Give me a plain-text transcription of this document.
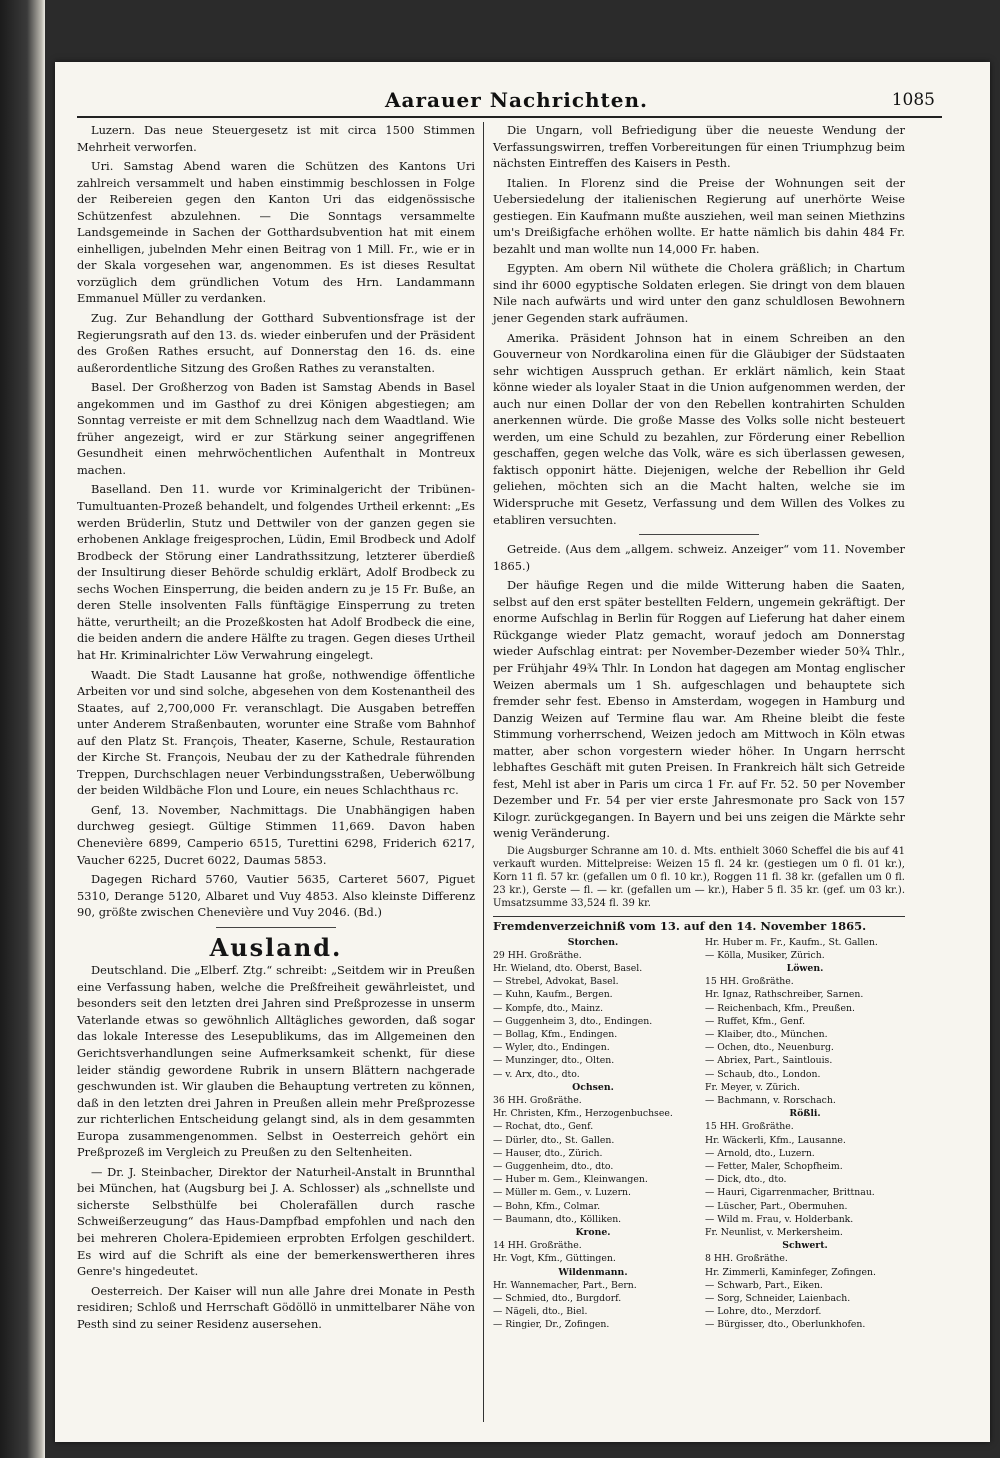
Aarauer Nachrichten.	1085

Luzern. Das neue Steuergesetz ist mit circa 1500 Stimmen Mehrheit verworfen.

Uri. Samstag Abend waren die Schützen des Kantons Uri zahlreich versammelt und haben einstimmig beschlossen in Folge der Reibereien gegen den Kanton Uri das eidgenössische Schützenfest abzulehnen. — Die Sonntags versammelte Landsgemeinde in Sachen der Gotthardsubvention hat mit einem einhelligen, jubelnden Mehr einen Beitrag von 1 Mill. Fr., wie er in der Skala vorgesehen war, angenommen. Es ist dieses Resultat vorzüglich dem gründlichen Votum des Hrn. Landammann Emmanuel Müller zu verdanken.

Zug. Zur Behandlung der Gotthard Subventionsfrage ist der Regierungsrath auf den 13. ds. wieder einberufen und der Präsident des Großen Rathes ersucht, auf Donnerstag den 16. ds. eine außerordentliche Sitzung des Großen Rathes zu veranstalten.

Basel. Der Großherzog von Baden ist Samstag Abends in Basel angekommen und im Gasthof zu drei Königen abgestiegen; am Sonntag verreiste er mit dem Schnellzug nach dem Waadtland. Wie früher angezeigt, wird er zur Stärkung seiner angegriffenen Gesundheit einen mehrwöchentlichen Aufenthalt in Montreux machen.

Baselland. Den 11. wurde vor Kriminalgericht der Tribünen-Tumultuanten-Prozeß behandelt, und folgendes Urtheil erkennt: „Es werden Brüderlin, Stutz und Dettwiler von der ganzen gegen sie erhobenen Anklage freigesprochen, Lüdin, Emil Brodbeck und Adolf Brodbeck der Störung einer Landrathssitzung, letzterer überdieß der Insultirung dieser Behörde schuldig erklärt, Adolf Brodbeck zu sechs Wochen Einsperrung, die beiden andern zu je 15 Fr. Buße, an deren Stelle insolventen Falls fünftägige Einsperrung zu treten hätte, verurtheilt; an die Prozeßkosten hat Adolf Brodbeck die eine, die beiden andern die andere Hälfte zu tragen. Gegen dieses Urtheil hat Hr. Kriminalrichter Löw Verwahrung eingelegt.

Waadt. Die Stadt Lausanne hat große, nothwendige öffentliche Arbeiten vor und sind solche, abgesehen von dem Kostenantheil des Staates, auf 2,700,000 Fr. veranschlagt. Die Ausgaben betreffen unter Anderem Straßenbauten, worunter eine Straße vom Bahnhof auf den Platz St. François, Theater, Kaserne, Schule, Restauration der Kirche St. François, Neubau der zu der Kathedrale führenden Treppen, Durchschlagen neuer Verbindungsstraßen, Ueberwölbung der beiden Wildbäche Flon und Loure, ein neues Schlachthaus rc.

Genf, 13. November, Nachmittags. Die Unabhängigen haben durchweg gesiegt. Gültige Stimmen 11,669. Davon haben Chenevière 6899, Camperio 6515, Turettini 6298, Friderich 6217, Vaucher 6225, Ducret 6022, Daumas 5853.

Dagegen Richard 5760, Vautier 5635, Carteret 5607, Piguet 5310, Derange 5120, Albaret und Vuy 4853. Also kleinste Differenz 90, größte zwischen Chenevière und Vuy 2046. (Bd.)

Ausland.

Deutschland. Die „Elberf. Ztg.“ schreibt: „Seitdem wir in Preußen eine Verfassung haben, welche die Preßfreiheit gewährleistet, und besonders seit den letzten drei Jahren sind Preßprozesse in unserm Vaterlande etwas so gewöhnlich Alltägliches geworden, daß sogar das lokale Interesse des Lesepublikums, das im Allgemeinen den Gerichtsverhandlungen seine Aufmerksamkeit schenkt, für diese leider ständig gewordene Rubrik in unsern Blättern nachgerade geschwunden ist. Wir glauben die Behauptung vertreten zu können, daß in den letzten drei Jahren in Preußen allein mehr Preßprozesse zur richterlichen Entscheidung gelangt sind, als in dem gesammten Europa zusammengenommen. Selbst in Oesterreich gehört ein Preßprozeß im Vergleich zu Preußen zu den Seltenheiten.

— Dr. J. Steinbacher, Direktor der Naturheil-Anstalt in Brunnthal bei München, hat (Augsburg bei J. A. Schlosser) als „schnellste und sicherste Selbsthülfe bei Cholerafällen durch rasche Schweißerzeugung“ das Haus-Dampfbad empfohlen und nach den bei mehreren Cholera-Epidemieen erprobten Erfolgen geschildert. Es wird auf die Schrift als eine der bemerkenswertheren ihres Genre's hingedeutet.

Oesterreich. Der Kaiser will nun alle Jahre drei Monate in Pesth residiren; Schloß und Herrschaft Gödöllö in unmittelbarer Nähe von Pesth sind zu seiner Residenz ausersehen.

Die Ungarn, voll Befriedigung über die neueste Wendung der Verfassungswirren, treffen Vorbereitungen für einen Triumphzug beim nächsten Eintreffen des Kaisers in Pesth.

Italien. In Florenz sind die Preise der Wohnungen seit der Uebersiedelung der italienischen Regierung auf unerhörte Weise gestiegen. Ein Kaufmann mußte ausziehen, weil man seinen Miethzins um's Dreißigfache erhöhen wollte. Er hatte nämlich bis dahin 484 Fr. bezahlt und man wollte nun 14,000 Fr. haben.

Egypten. Am obern Nil wüthete die Cholera gräßlich; in Chartum sind ihr 6000 egyptische Soldaten erlegen. Sie dringt von dem blauen Nile nach aufwärts und wird unter den ganz schuldlosen Bewohnern jener Gegenden stark aufräumen.

Amerika. Präsident Johnson hat in einem Schreiben an den Gouverneur von Nordkarolina einen für die Gläubiger der Südstaaten sehr wichtigen Ausspruch gethan. Er erklärt nämlich, kein Staat könne wieder als loyaler Staat in die Union aufgenommen werden, der auch nur einen Dollar der von den Rebellen kontrahirten Schulden anerkennen würde. Die große Masse des Volks solle nicht besteuert werden, um eine Schuld zu bezahlen, zur Förderung einer Rebellion geschaffen, gegen welche das Volk, wäre es sich überlassen gewesen, faktisch opponirt hätte. Diejenigen, welche der Rebellion ihr Geld geliehen, möchten sich an die Macht halten, welche sie im Widerspruche mit Gesetz, Verfassung und dem Willen des Volkes zu etabliren versuchten.

Getreide. (Aus dem „allgem. schweiz. Anzeiger“ vom 11. November 1865.)

Der häufige Regen und die milde Witterung haben die Saaten, selbst auf den erst später bestellten Feldern, ungemein gekräftigt. Der enorme Aufschlag in Berlin für Roggen auf Lieferung hat daher einem Rückgange wieder Platz gemacht, worauf jedoch am Donnerstag wieder Aufschlag eintrat: per November-Dezember wieder 50¾ Thlr., per Frühjahr 49¾ Thlr. In London hat dagegen am Montag englischer Weizen abermals um 1 Sh. aufgeschlagen und behauptete sich fremder sehr fest. Ebenso in Amsterdam, wogegen in Hamburg und Danzig Weizen auf Termine flau war. Am Rheine bleibt die feste Stimmung vorherrschend, Weizen jedoch am Mittwoch in Köln etwas matter, aber schon vorgestern wieder höher. In Ungarn herrscht lebhaftes Geschäft mit guten Preisen. In Frankreich hält sich Getreide fest, Mehl ist aber in Paris um circa 1 Fr. auf Fr. 52. 50 per November Dezember und Fr. 54 per vier erste Jahresmonate pro Sack von 157 Kilogr. zurückgegangen. In Bayern und bei uns zeigen die Märkte sehr wenig Veränderung.

Die Augsburger Schranne am 10. d. Mts. enthielt 3060 Scheffel die bis auf 41 verkauft wurden. Mittelpreise: Weizen 15 fl. 24 kr. (gestiegen um 0 fl. 01 kr.), Korn 11 fl. 57 kr. (gefallen um 0 fl. 10 kr.), Roggen 11 fl. 38 kr. (gefallen um 0 fl. 23 kr.), Gerste — fl. — kr. (gefallen um — kr.), Haber 5 fl. 35 kr. (gef. um 03 kr.). Umsatzsumme 33,524 fl. 39 kr.

Fremdenverzeichniß vom 13. auf den 14. November 1865.
Storchen.
29 HH. Großräthe.
Hr. Wieland, dto. Oberst, Basel.
— Strebel, Advokat, Basel.
— Kuhn, Kaufm., Bergen.
— Kompfe, dto., Mainz.
— Guggenheim 3, dto., Endingen.
— Bollag, Kfm., Endingen.
— Wyler, dto., Endingen.
— Munzinger, dto., Olten.
— v. Arx, dto., dto.
Ochsen.
36 HH. Großräthe.
Hr. Christen, Kfm., Herzogenbuchsee.
— Rochat, dto., Genf.
— Dürler, dto., St. Gallen.
— Hauser, dto., Zürich.
— Guggenheim, dto., dto.
— Huber m. Gem., Kleinwangen.
— Müller m. Gem., v. Luzern.
— Bohn, Kfm., Colmar.
— Baumann, dto., Kölliken.
Krone.
14 HH. Großräthe.
Hr. Vogt, Kfm., Güttingen.
Wildenmann.
Hr. Wannemacher, Part., Bern.
— Schmied, dto., Burgdorf.
— Nägeli, dto., Biel.
— Ringier, Dr., Zofingen.
Hr. Huber m. Fr., Kaufm., St. Gallen.
— Kölla, Musiker, Zürich.
Löwen.
15 HH. Großräthe.
Hr. Ignaz, Rathschreiber, Sarnen.
— Reichenbach, Kfm., Preußen.
— Ruffet, Kfm., Genf.
— Klaiber, dto., München.
— Ochen, dto., Neuenburg.
— Abriex, Part., Saintlouis.
— Schaub, dto., London.
Fr. Meyer, v. Zürich.
— Bachmann, v. Rorschach.
Rößli.
15 HH. Großräthe.
Hr. Wäckerli, Kfm., Lausanne.
— Arnold, dto., Luzern.
— Fetter, Maler, Schopfheim.
— Dick, dto., dto.
— Hauri, Cigarrenmacher, Brittnau.
— Lüscher, Part., Obermuhen.
— Wild m. Frau, v. Holderbank.
Fr. Neunlist, v. Merkersheim.
Schwert.
8 HH. Großräthe.
Hr. Zimmerli, Kaminfeger, Zofingen.
— Schwarb, Part., Eiken.
— Sorg, Schneider, Laienbach.
— Lohre, dto., Merzdorf.
— Bürgisser, dto., Oberlunkhofen.
